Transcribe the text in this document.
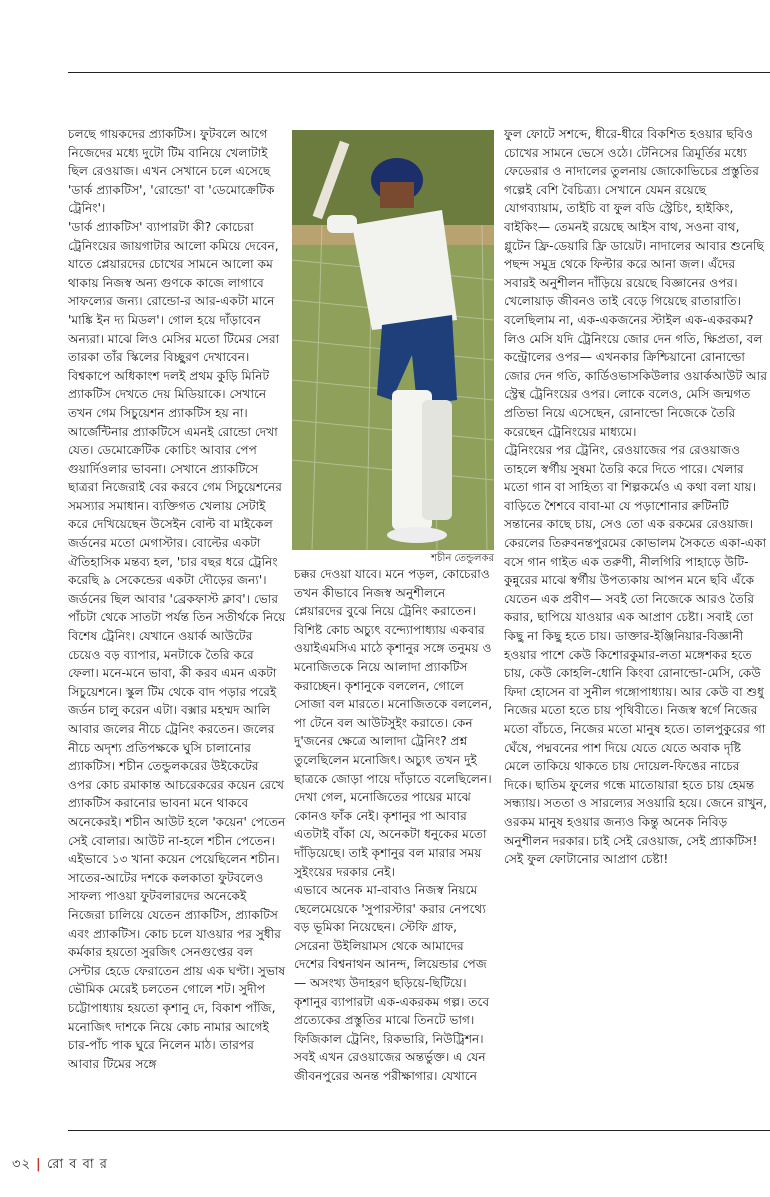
চলছে গায়কদের প্র্যাকটিস। ফুটবলে আগে নিজেদের মধ্যে দুটো টিম বানিয়ে খেলাটাই ছিল রেওয়াজ। এখন সেখানে চলে এসেছে 'ডার্ক প্র্যাকটিস', 'রোন্ডো' বা 'ডেমোক্রেটিক ট্রেনিং'।
'ডার্ক প্র্যাকটিস' ব্যাপারটা কী? কোচেরা ট্রেনিংয়ের জায়গাটার আলো কমিয়ে দেবেন, যাতে প্লেয়ারদের চোখের সামনে আলো কম থাকায় নিজস্ব অন্য গুণকে কাজে লাগাবে সাফল্যের জন্য। রোন্ডো-র আর-একটা মানে 'মাঙ্কি ইন দ্য মিডল'। গোল হয়ে দাঁড়াবেন অন্যরা। মাঝে লিও মেসির মতো টিমের সেরা তারকা তাঁর স্কিলের বিচ্ছুরণ দেখাবেন। বিশ্বকাপে অধিকাংশ দলই প্রথম কুড়ি মিনিট প্র্যাকটিস দেখতে দেয় মিডিয়াকে। সেখানে তখন গেম সিচুয়েশন প্র্যাকটিস হয় না। আর্জেন্টিনার প্র্যাকটিসে এমনই রোন্ডো দেখা যেত। ডেমোক্রেটিক কোচিং আবার পেপ গুয়ার্দিওলার ভাবনা। সেখানে প্র্যাকটিসে ছাত্ররা নিজেরাই বের করবে গেম সিচুয়েশনের সমস্যার সমাধান। ব্যক্তিগত খেলায় সেটাই করে দেখিয়েছেন উসেইন বোল্ট বা মাইকেল জর্ডনের মতো মেগাস্টার। বোল্টের একটা ঐতিহাসিক মন্তব্য হল, 'চার বছর ধরে ট্রেনিং করেছি ৯ সেকেন্ডের একটা দৌড়ের জন্য'। জর্ডনের ছিল আবার 'ব্রেকফাস্ট ক্লাব'। ভোর পাঁচটা থেকে সাতটা পর্যন্ত তিন সতীর্থকে নিয়ে বিশেষ ট্রেনিং। যেখানে ওয়ার্ক আউটের চেয়েও বড় ব্যাপার, মনটাকে তৈরি করে ফেলা। মনে-মনে ভাবা, কী করব এমন একটা সিচুয়েশনে। স্কুল টিম থেকে বাদ পড়ার পরেই জর্ডন চালু করেন এটা। বক্সার মহম্মদ আলি আবার জলের নীচে ট্রেনিং করতেন। জলের নীচে অদৃশ্য প্রতিপক্ষকে ঘুসি চালানোর প্র্যাকটিস। শচীন তেন্ডুলকরের উইকেটের ওপর কোচ রমাকান্ত আচরেকরের কয়েন রেখে প্র্যাকটিস করানোর ভাবনা মনে থাকবে অনেকেরই। শচীন আউট হলে 'কয়েন' পেতেন সেই বোলার। আউট না-হলে শচীন পেতেন। এইভাবে ১৩ খানা কয়েন পেয়েছিলেন শচীন। সাতের-আটের দশকে কলকাতা ফুটবলেও সাফল্য পাওয়া ফুটবলারদের অনেকেই নিজেরা চালিয়ে যেতেন প্র্যাকটিস, প্র্যাকটিস এবং প্র্যাকটিস। কোচ চলে যাওয়ার পর সুধীর কর্মকার হয়তো সুরজিৎ সেনগুপ্তের বল সেন্টার হেডে ফেরাতেন প্রায় এক ঘণ্টা। সুভাষ ভৌমিক মেরেই চলতেন গোলে শট। সুদীপ চট্টোপাধ্যায় হয়তো কৃশানু দে, বিকাশ পাঁজি, মনোজিৎ দাশকে নিয়ে কোচ নামার আগেই চার-পাঁচ পাক ঘুরে নিলেন মাঠ। তারপর আবার টিমের সঙ্গে

শচীন তেন্ডুলকর

চক্কর দেওয়া যাবে। মনে পড়ল, কোচেরাও তখন কীভাবে নিজস্ব অনুশীলনে প্লেয়ারদের বুঝে নিয়ে ট্রেনিং করাতেন। বিশিষ্ট কোচ অচ্যুৎ বন্দ্যোপাধ্যায় একবার ওয়াইএমসিএ মাঠে কৃশানুর সঙ্গে তনুময় ও মনোজিতকে নিয়ে আলাদা প্র্যাকটিস করাচ্ছেন। কৃশানুকে বললেন, গোলে সোজা বল মারতে। মনোজিতকে বললেন, পা টেনে বল আউটসুইং করাতে। কেন দু'জনের ক্ষেত্রে আলাদা ট্রেনিং? প্রশ্ন তুলেছিলেন মনোজিৎ। অচ্যুৎ তখন দুই ছাত্রকে জোড়া পায়ে দাঁড়াতে বলেছিলেন। দেখা গেল, মনোজিতের পায়ের মাঝে কোনও ফাঁক নেই। কৃশানুর পা আবার এতটাই বাঁকা যে, অনেকটা ধনুকের মতো দাঁড়িয়েছে। তাই কৃশানুর বল মারার সময় সুইংয়ের দরকার নেই।
এভাবে অনেক মা-বাবাও নিজস্ব নিয়মে ছেলেমেয়েকে 'সুপারস্টার' করার নেপথ্যে বড় ভূমিকা নিয়েছেন। স্টেফি গ্রাফ, সেরেনা উইলিয়ামস থেকে আমাদের দেশের বিশ্বনাথন আনন্দ, লিয়েন্ডার পেজ— অসংখ্য উদাহরণ ছড়িয়ে-ছিটিয়ে। কৃশানুর ব্যাপারটা এক-একরকম গল্প। তবে প্রত্যেকের প্রস্তুতির মাঝে তিনটে ভাগ। ফিজিকাল ট্রেনিং, রিকভারি, নিউট্রিশন। সবই এখন রেওয়াজের অন্তর্ভুক্ত। এ যেন জীবনপুরের অনন্ত পরীক্ষাগার। যেখানে

ফুল ফোটে সশব্দে, ধীরে-ধীরে বিকশিত হওয়ার ছবিও চোখের সামনে ভেসে ওঠে। টেনিসের ত্রিমূর্তির মধ্যে ফেডেরার ও নাদালের তুলনায় জোকোভিচের প্রস্তুতির গল্পেই বেশি বৈচিত্র্য। সেখানে যেমন রয়েছে যোগব্যায়াম, তাইচি বা ফুল বডি স্ট্রেচিং, হাইকিং, বাইকিং— তেমনই রয়েছে আইস বাথ, সওনা বাথ, গ্লুটেন ফ্রি-ডেয়ারি ফ্রি ডায়েট। নাদালের আবার শুনেছি পছন্দ সমুদ্র থেকে ফিল্টার করে আনা জল। এঁদের সবারই অনুশীলন দাঁড়িয়ে রয়েছে বিজ্ঞানের ওপর। খেলোয়াড় জীবনও তাই বেড়ে গিয়েছে রাতারাতি। বলেছিলাম না, এক-একজনের স্টাইল এক-একরকম? লিও মেসি যদি ট্রেনিংয়ে জোর দেন গতি, ক্ষিপ্রতা, বল কন্ট্রোলের ওপর— এখনকার ক্রিশ্চিয়ানো রোনাল্ডো জোর দেন গতি, কার্ডিওভাসকিউলার ওয়ার্কআউট আর স্ট্রেন্থ ট্রেনিংয়ের ওপর। লোকে বলেও, মেসি জন্মগত প্রতিভা নিয়ে এসেছেন, রোনাল্ডো নিজেকে তৈরি করেছেন ট্রেনিংয়ের মাধ্যমে।
ট্রেনিংয়ের পর ট্রেনিং, রেওয়াজের পর রেওয়াজও তাহলে স্বর্গীয় সুষমা তৈরি করে দিতে পারে। খেলার মতো গান বা সাহিত্য বা শিল্পকর্মেও এ কথা বলা যায়। বাড়িতে শৈশবে বাবা-মা যে পড়াশোনার রুটিনটি সন্তানের কাছে চায়, সেও তো এক রকমের রেওয়াজ।
কেরলের তিরুবনন্তপুরমের কোভালম সৈকতে একা-একা বসে গান গাইত এক তরুণী, নীলগিরি পাহাড়ে উটি-কুন্নুরের মাঝে স্বর্গীয় উপত্যকায় আপন মনে ছবি এঁকে যেতেন এক প্রবীণ— সবই তো নিজেকে আরও তৈরি করার, ছাপিয়ে যাওয়ার এক আপ্রাণ চেষ্টা। সবাই তো কিছু না কিছু হতে চায়। ডাক্তার-ইঞ্জিনিয়ার-বিজ্ঞানী হওয়ার পাশে কেউ কিশোরকুমার-লতা মঙ্গেশকর হতে চায়, কেউ কোহলি-ধোনি কিংবা রোনাল্ডো-মেসি, কেউ ফিদা হোসেন বা সুনীল গঙ্গোপাধ্যায়। আর কেউ বা শুধু নিজের মতো হতে চায় পৃথিবীতে। নিজস্ব স্বর্গে নিজের মতো বাঁচতে, নিজের মতো মানুষ হতে। তালপুকুরের গা ঘেঁষে, পদ্মবনের পাশ দিয়ে যেতে যেতে অবাক দৃষ্টি মেলে তাকিয়ে থাকতে চায় দোয়েল-ফিঙের নাচের দিকে। ছাতিম ফুলের গন্ধে মাতোয়ারা হতে চায় হেমন্ত সন্ধ্যায়। সততা ও সারল্যের সওয়ারি হয়ে। জেনে রাখুন, ওরকম মানুষ হওয়ার জন্যও কিন্তু অনেক নিবিড় অনুশীলন দরকার। চাই সেই রেওয়াজ, সেই প্র্যাকটিস! সেই ফুল ফোটানোর আপ্রাণ চেষ্টা!

৩২ | রো ব বা র
